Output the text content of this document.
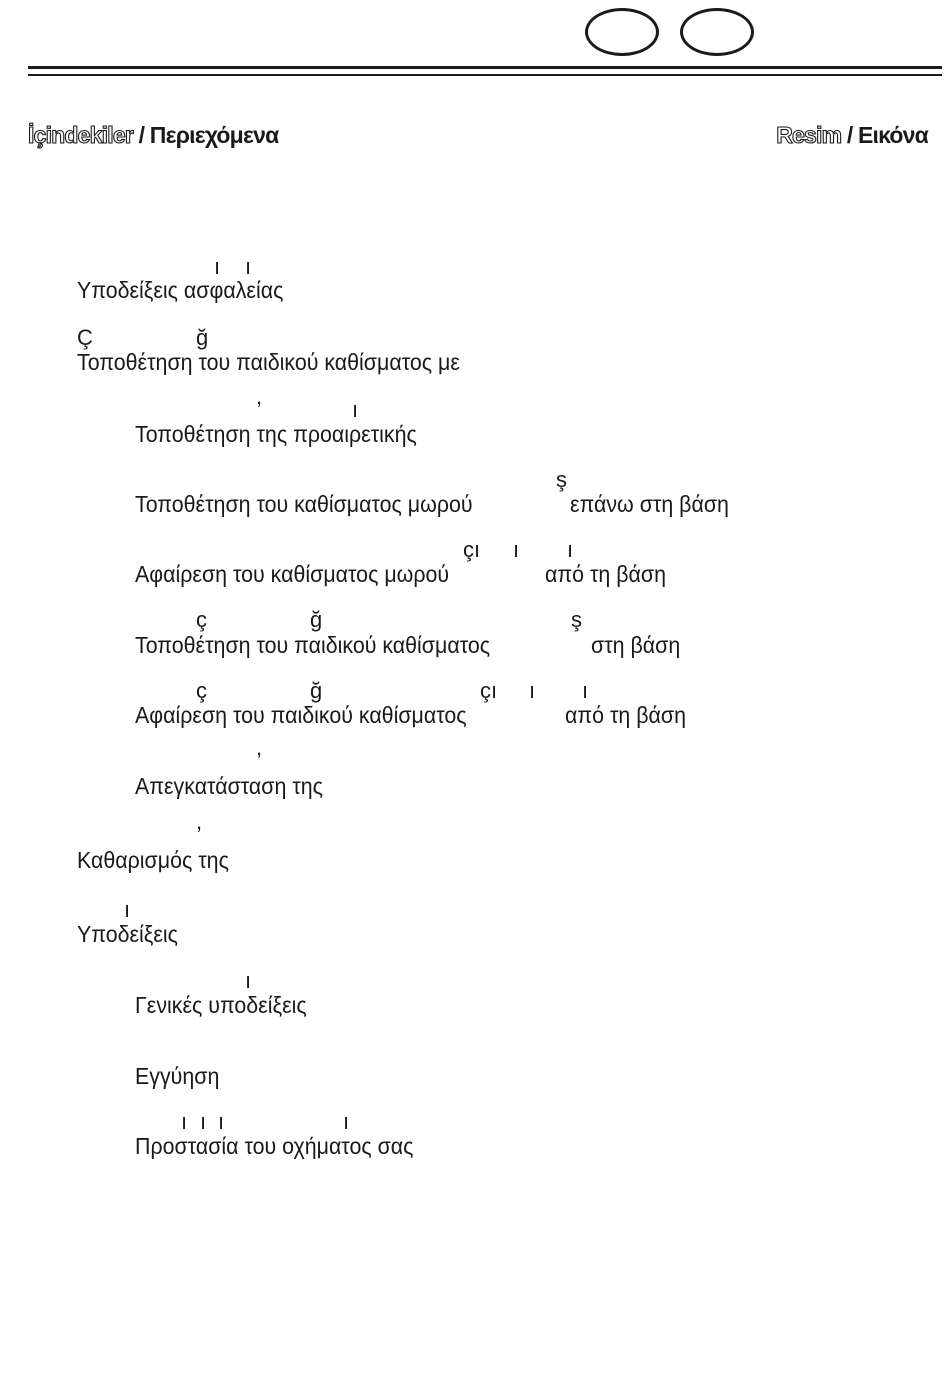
İçindekiler / Περιεχόμενα	Resim / Εικόνα
Υποδείξεις ασφαλείας
Τοποθέτηση του παιδικού καθίσματος με
Τοποθέτηση της προαιρετικής
Τοποθέτηση του καθίσματος μωρού	επάνω στη βάση
Αφαίρεση του καθίσματος μωρού	από τη βάση
Τοποθέτηση του παιδικού καθίσματος	στη βάση
Αφαίρεση του παιδικού καθίσματος	από τη βάση
Απεγκατάσταση της
Καθαρισμός της
Υποδείξεις
Γενικές υποδείξεις
Εγγύηση
Προστασία του οχήματος σας
ı ı
Ç	ğ
,
ı
ş
çı ı ı
ç	ğ	ş
ç	ğ	çı ı ı
,
,
ı
ı
ı ı ı	ı
